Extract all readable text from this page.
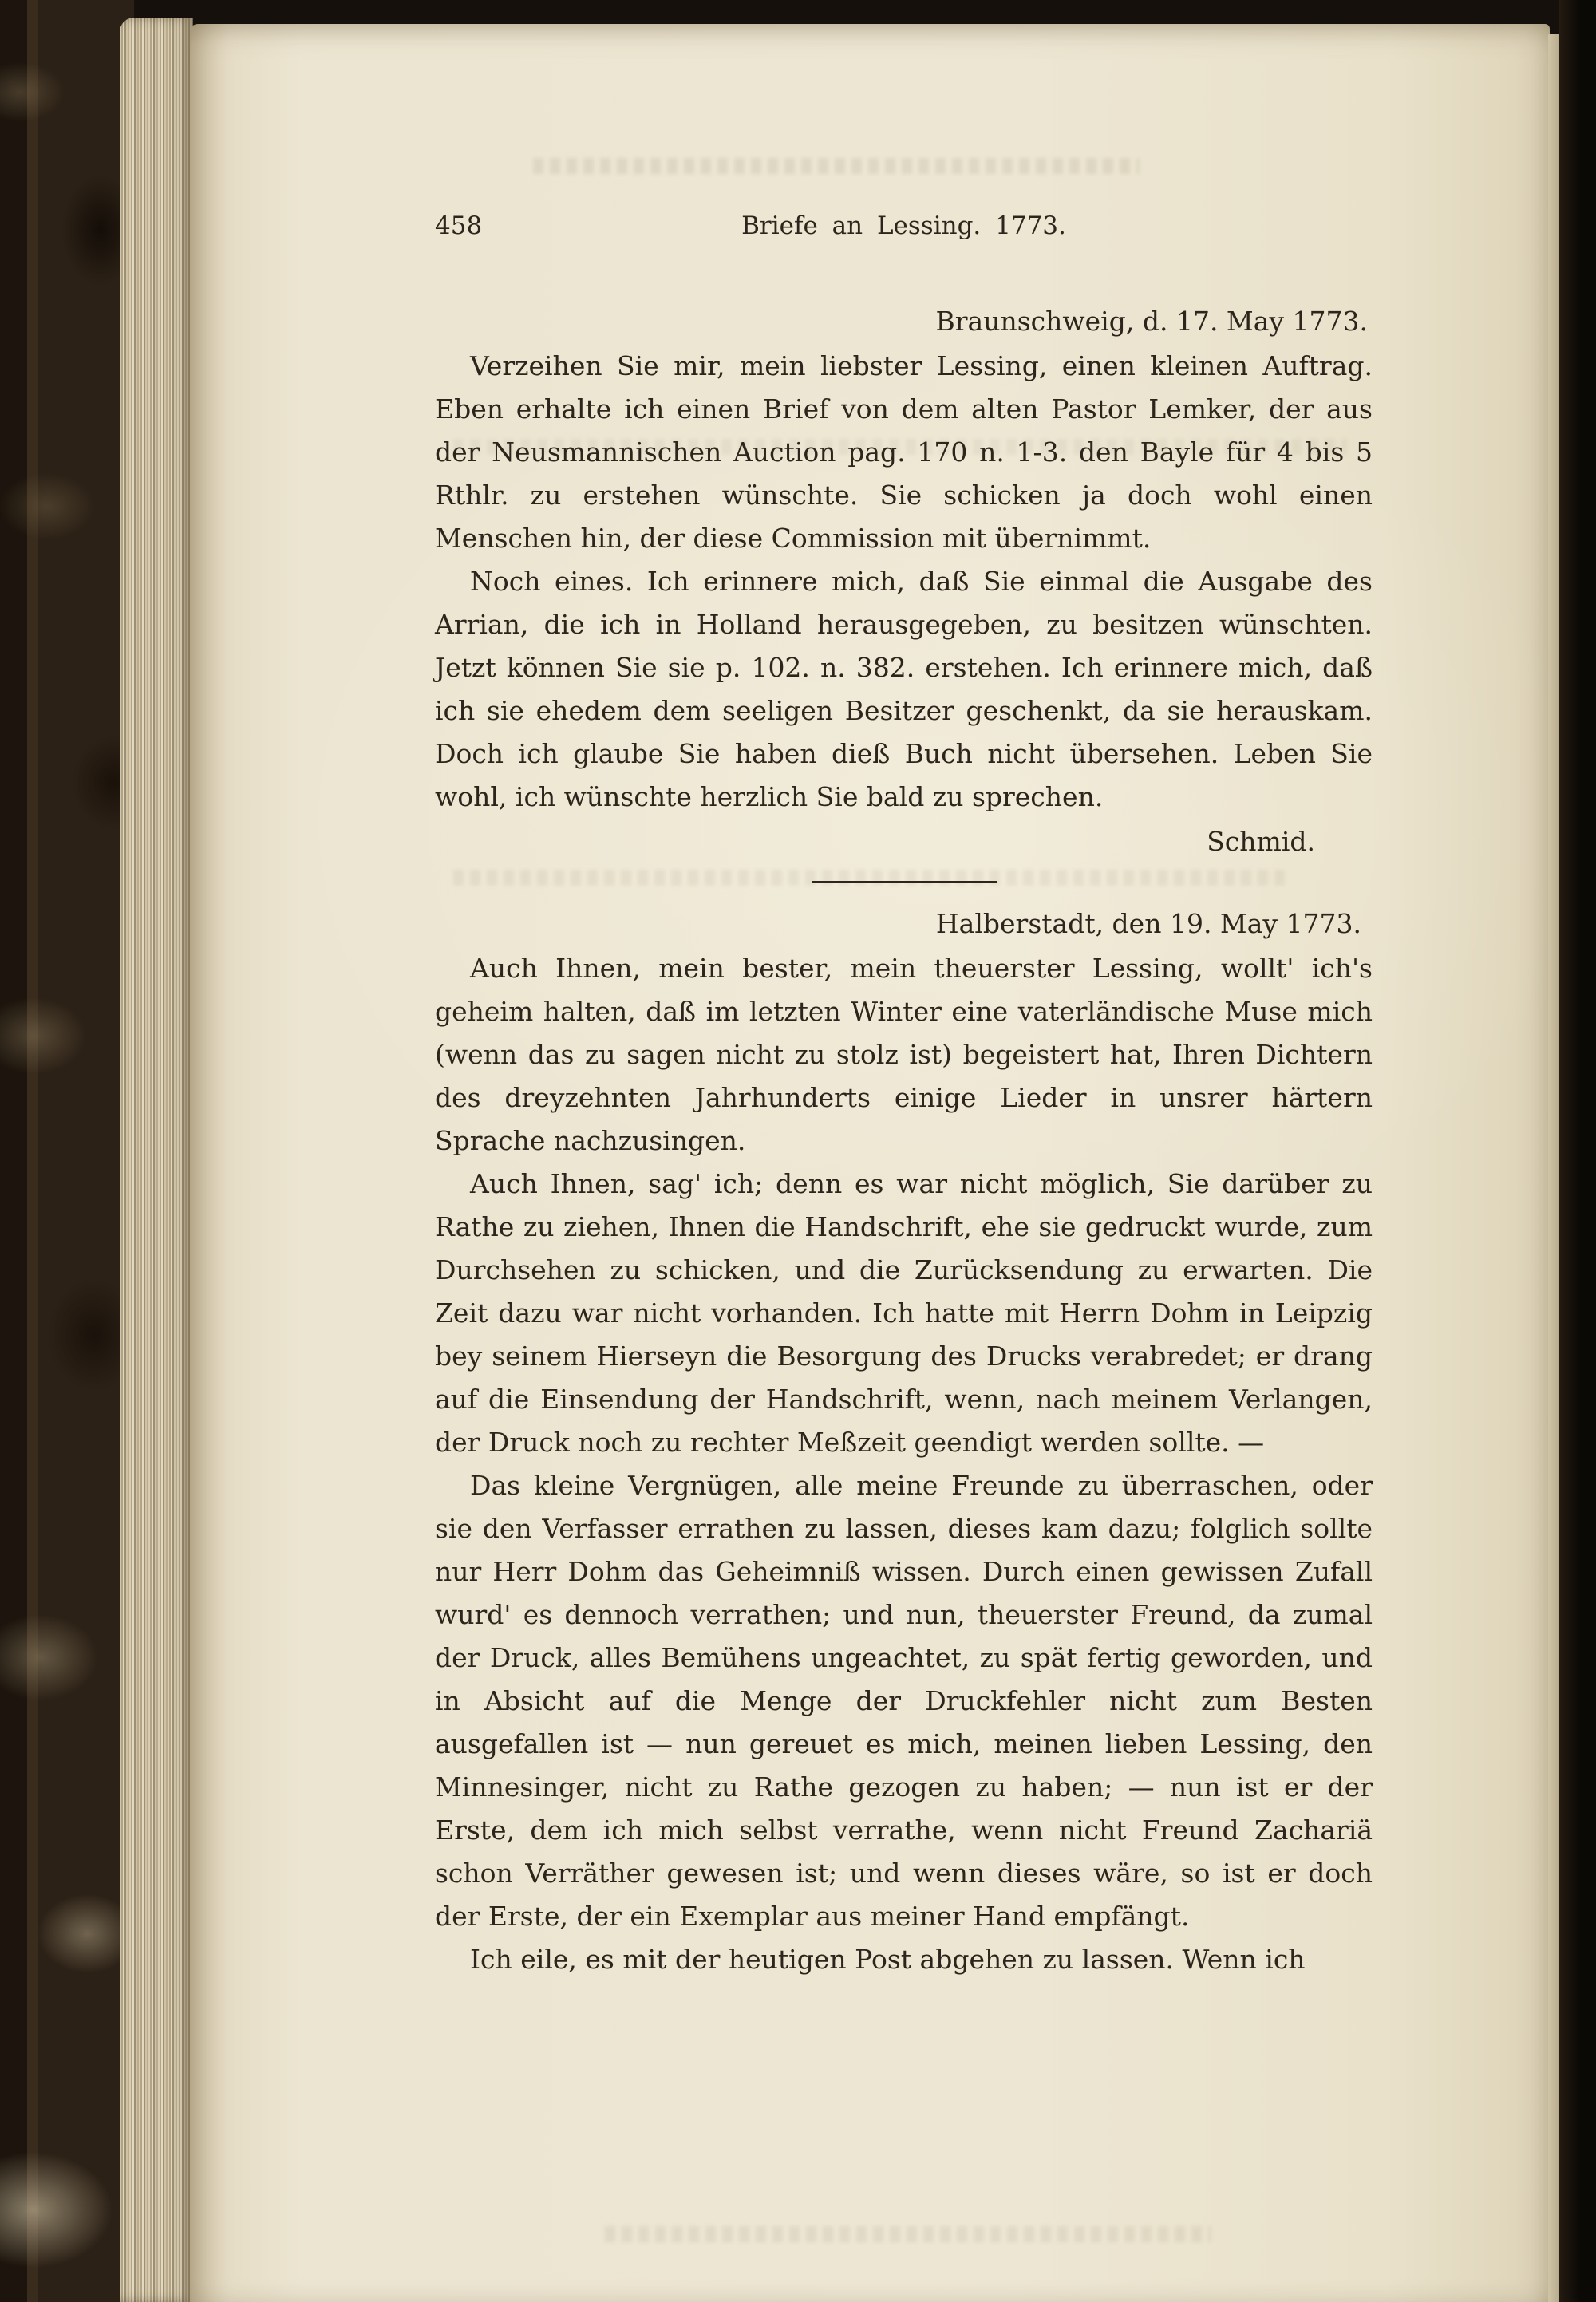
458	Briefe an Lessing. 1773.

Braunschweig, d. 17. May 1773.

Verzeihen Sie mir, mein liebster Lessing, einen kleinen Auftrag. Eben erhalte ich einen Brief von dem alten Pastor Lemker, der aus der Neusmannischen Auction pag. 170 n. 1-3. den Bayle für 4 bis 5 Rthlr. zu erstehen wünschte. Sie schicken ja doch wohl einen Menschen hin, der diese Commission mit übernimmt.

Noch eines. Ich erinnere mich, daß Sie einmal die Ausgabe des Arrian, die ich in Holland herausgegeben, zu besitzen wünschten. Jetzt können Sie sie p. 102. n. 382. erstehen. Ich erinnere mich, daß ich sie ehedem dem seeligen Besitzer geschenkt, da sie herauskam. Doch ich glaube Sie haben dieß Buch nicht übersehen. Leben Sie wohl, ich wünschte herzlich Sie bald zu sprechen.

Schmid.

Halberstadt, den 19. May 1773.

Auch Ihnen, mein bester, mein theuerster Lessing, wollt' ich's geheim halten, daß im letzten Winter eine vaterländische Muse mich (wenn das zu sagen nicht zu stolz ist) begeistert hat, Ihren Dichtern des dreyzehnten Jahrhunderts einige Lieder in unsrer härtern Sprache nachzusingen.

Auch Ihnen, sag' ich; denn es war nicht möglich, Sie darüber zu Rathe zu ziehen, Ihnen die Handschrift, ehe sie gedruckt wurde, zum Durchsehen zu schicken, und die Zurücksendung zu erwarten. Die Zeit dazu war nicht vorhanden. Ich hatte mit Herrn Dohm in Leipzig bey seinem Hierseyn die Besorgung des Drucks verabredet; er drang auf die Einsendung der Handschrift, wenn, nach meinem Verlangen, der Druck noch zu rechter Meßzeit geendigt werden sollte. —

Das kleine Vergnügen, alle meine Freunde zu überraschen, oder sie den Verfasser errathen zu lassen, dieses kam dazu; folglich sollte nur Herr Dohm das Geheimniß wissen. Durch einen gewissen Zufall wurd' es dennoch verrathen; und nun, theuerster Freund, da zumal der Druck, alles Bemühens ungeachtet, zu spät fertig geworden, und in Absicht auf die Menge der Druckfehler nicht zum Besten ausgefallen ist — nun gereuet es mich, meinen lieben Lessing, den Minnesinger, nicht zu Rathe gezogen zu haben; — nun ist er der Erste, dem ich mich selbst verrathe, wenn nicht Freund Zachariä schon Verräther gewesen ist; und wenn dieses wäre, so ist er doch der Erste, der ein Exemplar aus meiner Hand empfängt.

Ich eile, es mit der heutigen Post abgehen zu lassen. Wenn ich
